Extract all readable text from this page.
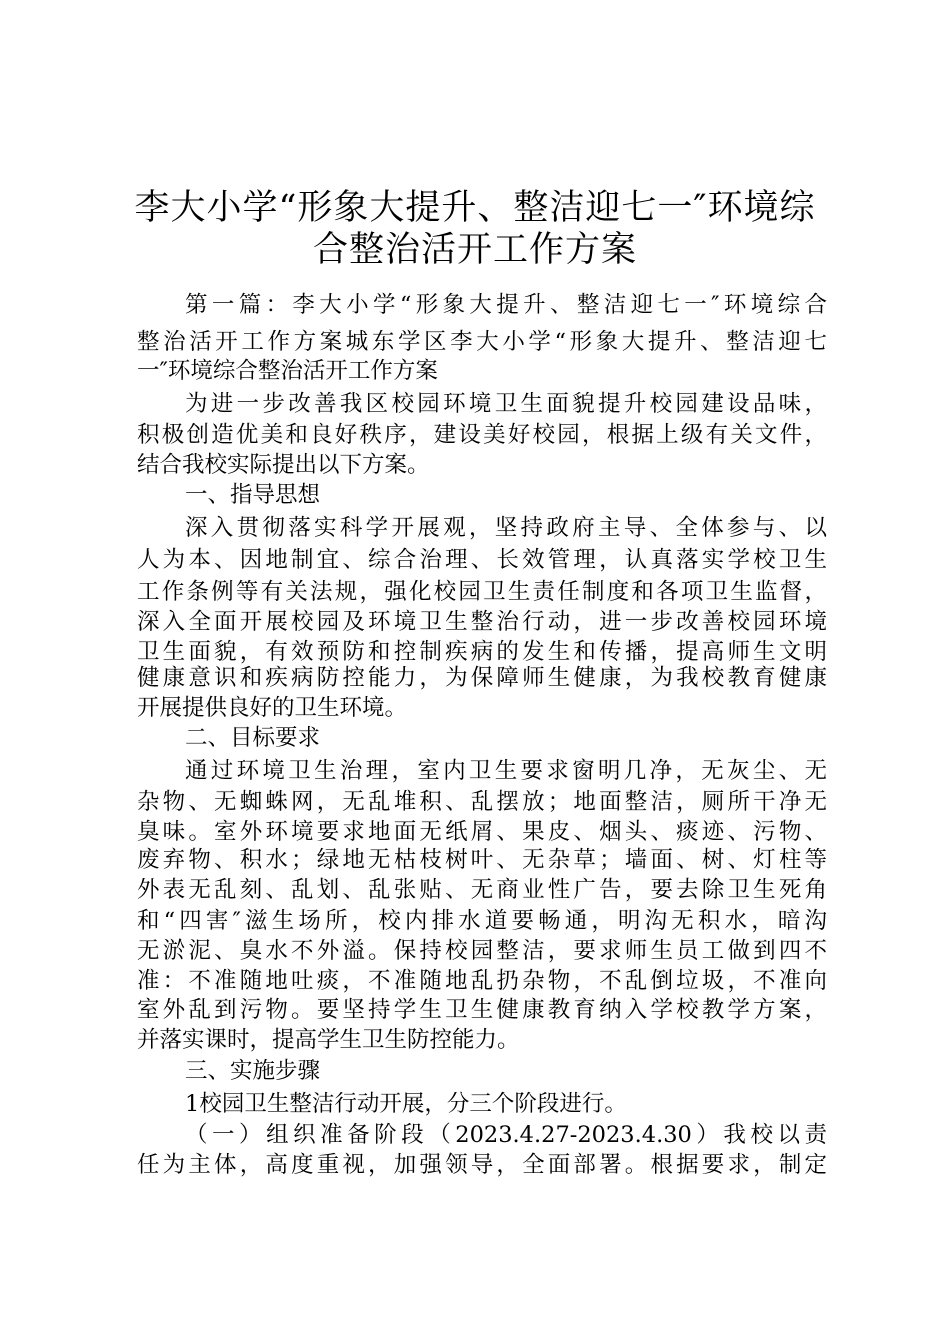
李大小学“形象大提升、整洁迎七一″环境综
合整治活开工作方案
第一篇：李大小学“形象大提升、整洁迎七一″环境综合
整治活开工作方案城东学区李大小学“形象大提升、整洁迎七
一″环境综合整治活开工作方案
为进一步改善我区校园环境卫生面貌提升校园建设品味，
积极创造优美和良好秩序，建设美好校园，根据上级有关文件，
结合我校实际提出以下方案。
一、指导思想
深入贯彻落实科学开展观，坚持政府主导、全体参与、以
人为本、因地制宜、综合治理、长效管理，认真落实学校卫生
工作条例等有关法规，强化校园卫生责任制度和各项卫生监督，
深入全面开展校园及环境卫生整治行动，进一步改善校园环境
卫生面貌，有效预防和控制疾病的发生和传播，提高师生文明
健康意识和疾病防控能力，为保障师生健康，为我校教育健康
开展提供良好的卫生环境。
二、目标要求
通过环境卫生治理，室内卫生要求窗明几净，无灰尘、无
杂物、无蜘蛛网，无乱堆积、乱摆放；地面整洁，厕所干净无
臭味。室外环境要求地面无纸屑、果皮、烟头、痰迹、污物、
废弃物、积水；绿地无枯枝树叶、无杂草；墙面、树、灯柱等
外表无乱刻、乱划、乱张贴、无商业性广告，要去除卫生死角
和“四害″滋生场所，校内排水道要畅通，明沟无积水，暗沟
无淤泥、臭水不外溢。保持校园整洁，要求师生员工做到四不
准：不准随地吐痰，不准随地乱扔杂物，不乱倒垃圾，不准向
室外乱到污物。要坚持学生卫生健康教育纳入学校教学方案，
并落实课时，提高学生卫生防控能力。
三、实施步骤
1校园卫生整洁行动开展，分三个阶段进行。
（一）组织准备阶段（2023.4.27-2023.4.30）我校以责
任为主体，高度重视，加强领导，全面部署。根据要求，制定
